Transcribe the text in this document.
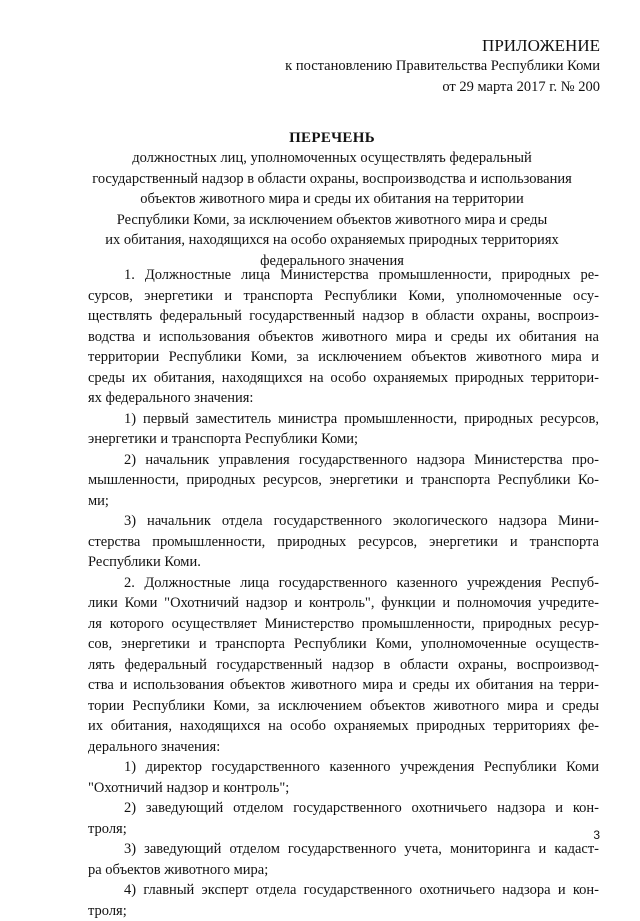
ПРИЛОЖЕНИЕ
к постановлению Правительства Республики Коми
от 29 марта 2017 г. № 200
ПЕРЕЧЕНЬ
должностных лиц, уполномоченных осуществлять федеральный
государственный надзор в области охраны, воспроизводства и использования
объектов животного мира и среды их обитания на территории
Республики Коми, за исключением объектов животного мира и среды
их обитания, находящихся на особо охраняемых природных территориях
федерального значения
1. Должностные лица Министерства промышленности, природных ре-
сурсов, энергетики и транспорта Республики Коми, уполномоченные осу-
ществлять федеральный государственный надзор в области охраны, воспроиз-
водства и использования объектов животного мира и среды их обитания на
территории Республики Коми, за исключением объектов животного мира и
среды их обитания, находящихся на особо охраняемых природных территори-
ях федерального значения:
1) первый заместитель министра промышленности, природных ресурсов,
энергетики и транспорта Республики Коми;
2) начальник управления государственного надзора Министерства про-
мышленности, природных ресурсов, энергетики и транспорта Республики Ко-
ми;
3) начальник отдела государственного экологического надзора Мини-
стерства промышленности, природных ресурсов, энергетики и транспорта
Республики Коми.
2. Должностные лица государственного казенного учреждения Респуб-
лики Коми "Охотничий надзор и контроль", функции и полномочия учредите-
ля которого осуществляет Министерство промышленности, природных ресур-
сов, энергетики и транспорта Республики Коми, уполномоченные осуществ-
лять федеральный государственный надзор в области охраны, воспроизвод-
ства и использования объектов животного мира и среды их обитания на терри-
тории Республики Коми, за исключением объектов животного мира и среды
их обитания, находящихся на особо охраняемых природных территориях фе-
дерального значения:
1) директор государственного казенного учреждения Республики Коми
"Охотничий надзор и контроль";
2) заведующий отделом государственного охотничьего надзора и кон-
троля;
3) заведующий отделом государственного учета, мониторинга и кадаст-
ра объектов животного мира;
4) главный эксперт отдела государственного охотничьего надзора и кон-
троля;
3
